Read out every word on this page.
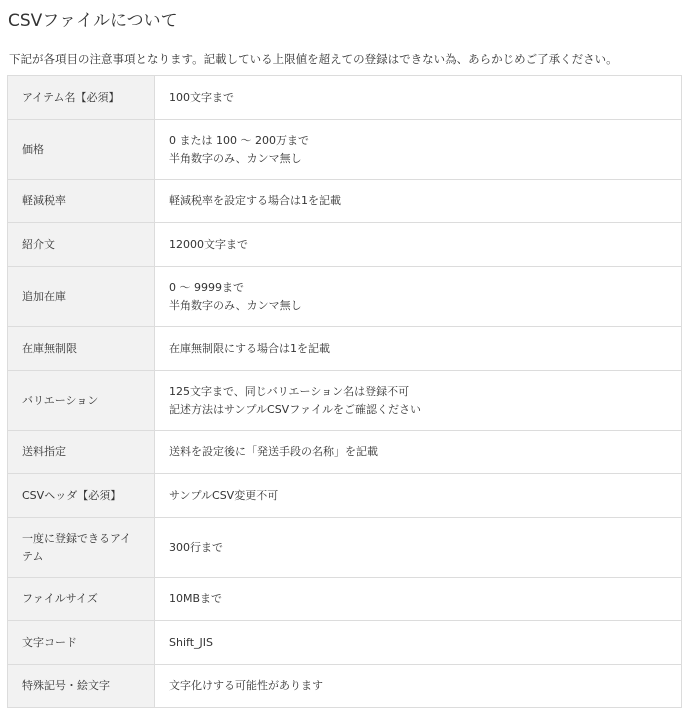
CSVファイルについて

下記が各項目の注意事項となります。記載している上限値を超えての登録はできない為、あらかじめご了承ください。

アイテム名【必須】	100文字まで

価格	0 または 100 〜 200万まで
半角数字のみ、カンマ無し

軽減税率	軽減税率を設定する場合は1を記載

紹介文	12000文字まで

追加在庫	0 〜 9999まで
半角数字のみ、カンマ無し

在庫無制限	在庫無制限にする場合は1を記載

バリエーション	125文字まで、同じバリエーション名は登録不可
記述方法はサンプルCSVファイルをご確認ください

送料指定	送料を設定後に「発送手段の名称」を記載

CSVヘッダ【必須】	サンプルCSV変更不可

一度に登録できるアイテム	300行まで

ファイルサイズ	10MBまで

文字コード	Shift_JIS

特殊記号・絵文字	文字化けする可能性があります
